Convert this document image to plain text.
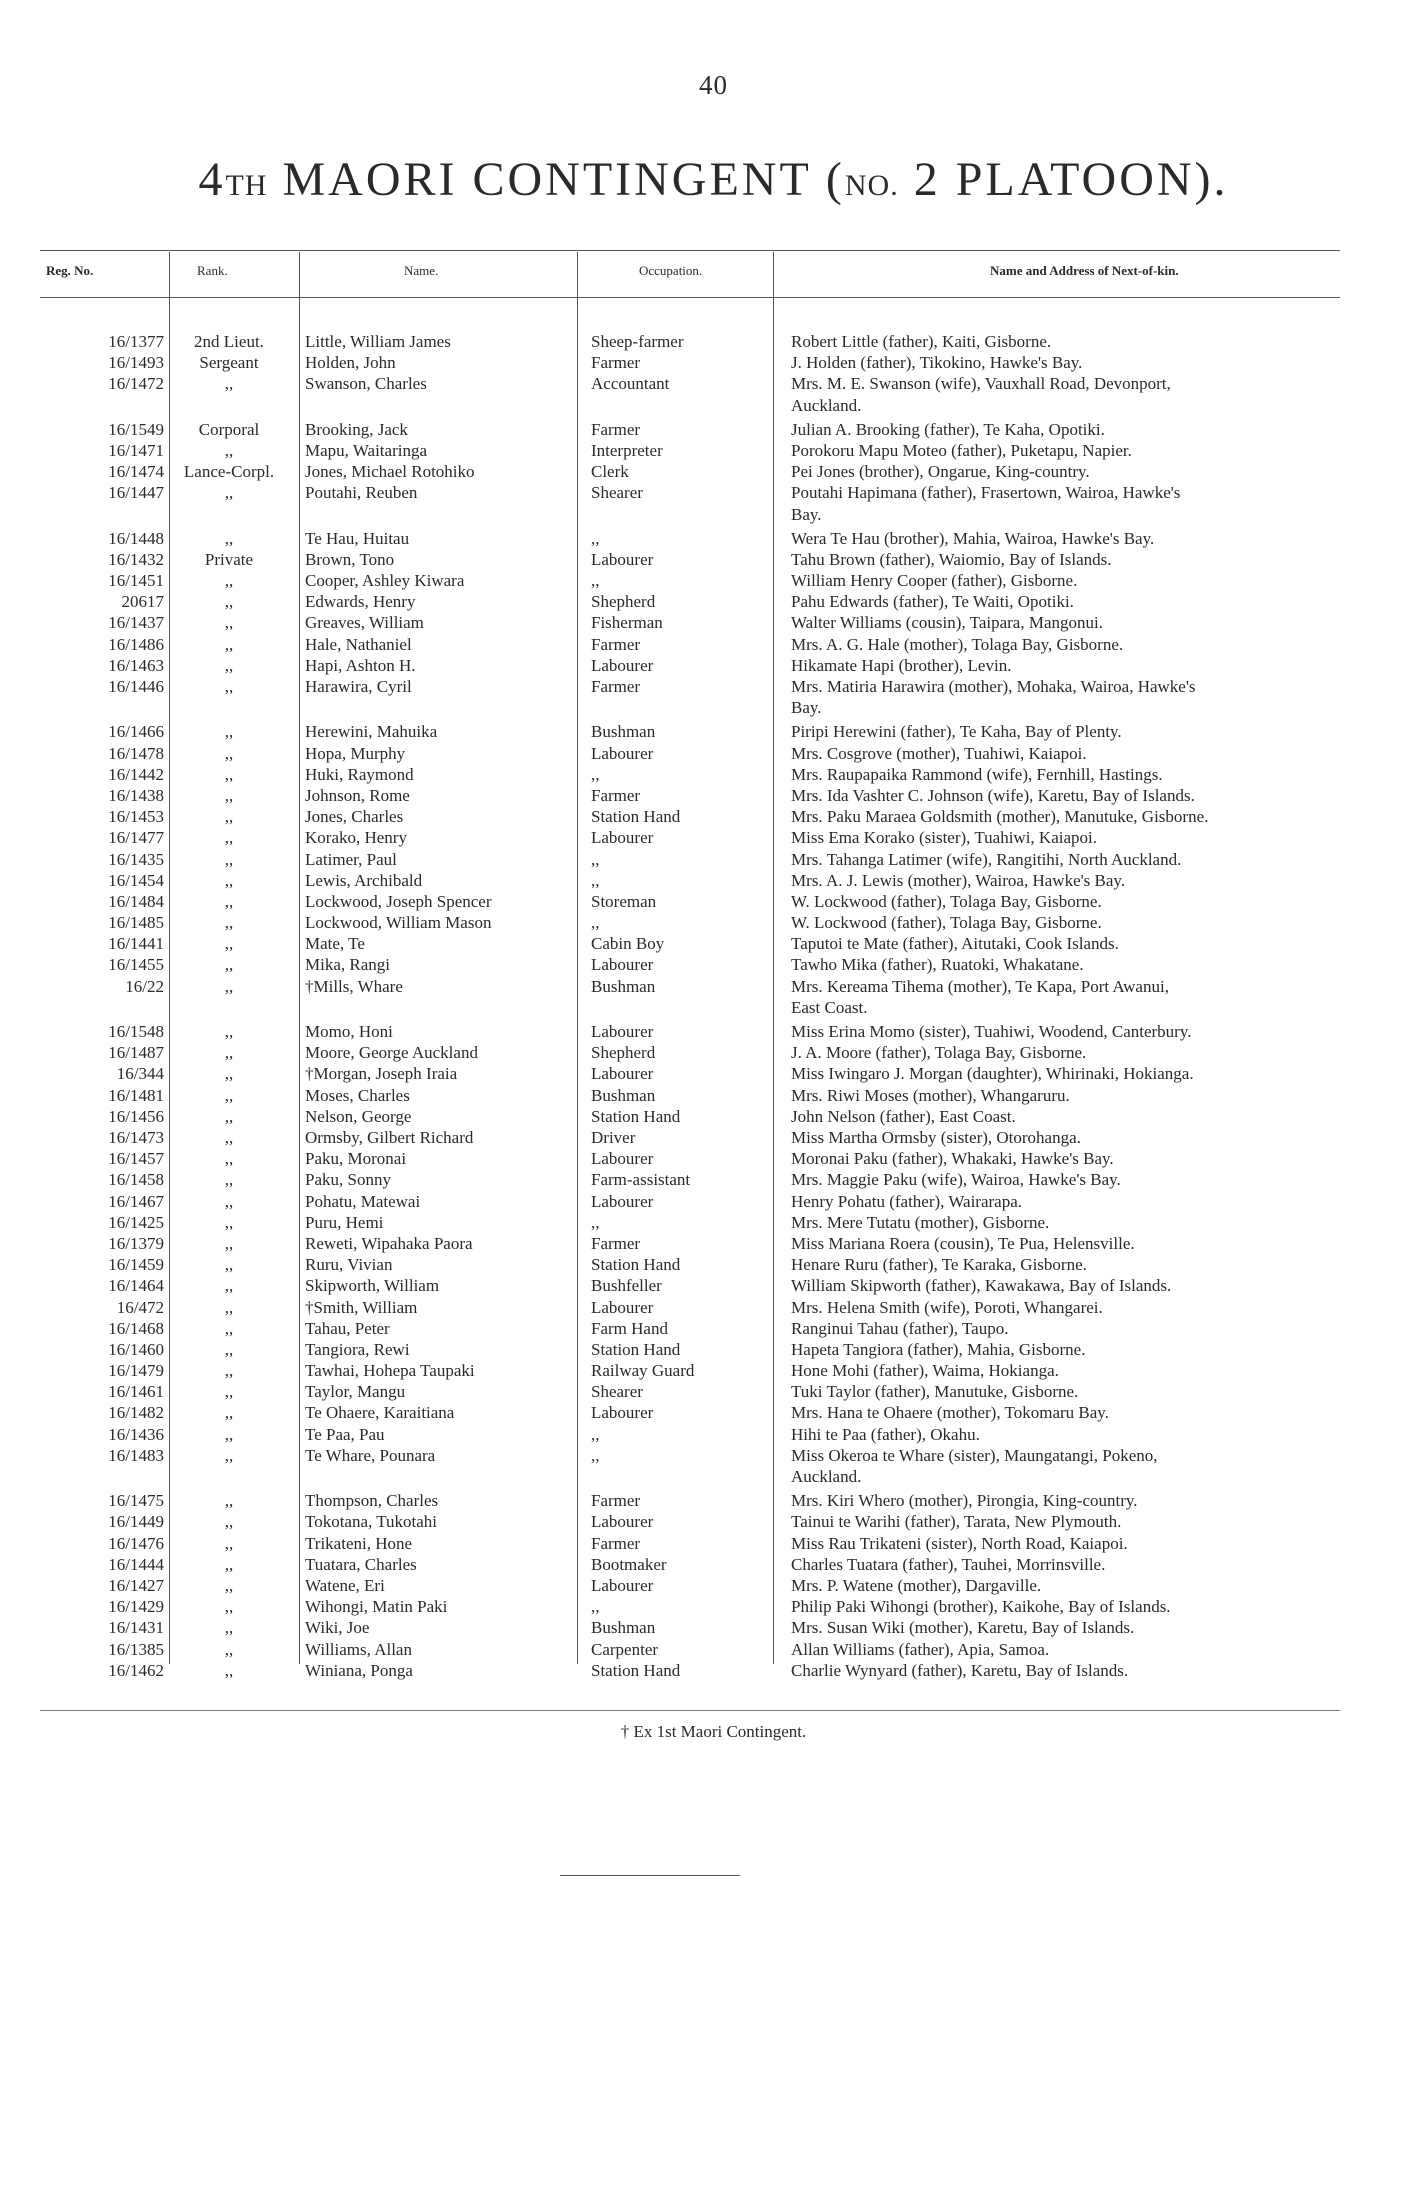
40
4TH MAORI CONTINGENT (NO. 2 PLATOON).
Reg. No.	Rank.	Name.	Occupation.	Name and Address of Next-of-kin.
16/1377	2nd Lieut.	Little, William James	Sheep-farmer	Robert Little (father), Kaiti, Gisborne.
16/1493	Sergeant	Holden, John	Farmer	J. Holden (father), Tikokino, Hawke's Bay.
16/1472	,,	Swanson, Charles	Accountant	Mrs. M. E. Swanson (wife), Vauxhall Road, Devonport,
Auckland.
16/1549	Corporal	Brooking, Jack	Farmer	Julian A. Brooking (father), Te Kaha, Opotiki.
16/1471	,,	Mapu, Waitaringa	Interpreter	Porokoru Mapu Moteo (father), Puketapu, Napier.
16/1474	Lance-Corpl.	Jones, Michael Rotohiko	Clerk	Pei Jones (brother), Ongarue, King-country.
16/1447	,,	Poutahi, Reuben	Shearer	Poutahi Hapimana (father), Frasertown, Wairoa, Hawke's
Bay.
16/1448	,,	Te Hau, Huitau	,,	Wera Te Hau (brother), Mahia, Wairoa, Hawke's Bay.
16/1432	Private	Brown, Tono	Labourer	Tahu Brown (father), Waiomio, Bay of Islands.
16/1451	,,	Cooper, Ashley Kiwara	,,	William Henry Cooper (father), Gisborne.
20617	,,	Edwards, Henry	Shepherd	Pahu Edwards (father), Te Waiti, Opotiki.
16/1437	,,	Greaves, William	Fisherman	Walter Williams (cousin), Taipara, Mangonui.
16/1486	,,	Hale, Nathaniel	Farmer	Mrs. A. G. Hale (mother), Tolaga Bay, Gisborne.
16/1463	,,	Hapi, Ashton H.	Labourer	Hikamate Hapi (brother), Levin.
16/1446	,,	Harawira, Cyril	Farmer	Mrs. Matiria Harawira (mother), Mohaka, Wairoa, Hawke's
Bay.
16/1466	,,	Herewini, Mahuika	Bushman	Piripi Herewini (father), Te Kaha, Bay of Plenty.
16/1478	,,	Hopa, Murphy	Labourer	Mrs. Cosgrove (mother), Tuahiwi, Kaiapoi.
16/1442	,,	Huki, Raymond	,,	Mrs. Raupapaika Rammond (wife), Fernhill, Hastings.
16/1438	,,	Johnson, Rome	Farmer	Mrs. Ida Vashter C. Johnson (wife), Karetu, Bay of Islands.
16/1453	,,	Jones, Charles	Station Hand	Mrs. Paku Maraea Goldsmith (mother), Manutuke, Gisborne.
16/1477	,,	Korako, Henry	Labourer	Miss Ema Korako (sister), Tuahiwi, Kaiapoi.
16/1435	,,	Latimer, Paul	,,	Mrs. Tahanga Latimer (wife), Rangitihi, North Auckland.
16/1454	,,	Lewis, Archibald	,,	Mrs. A. J. Lewis (mother), Wairoa, Hawke's Bay.
16/1484	,,	Lockwood, Joseph Spencer	Storeman	W. Lockwood (father), Tolaga Bay, Gisborne.
16/1485	,,	Lockwood, William Mason	,,	W. Lockwood (father), Tolaga Bay, Gisborne.
16/1441	,,	Mate, Te	Cabin Boy	Taputoi te Mate (father), Aitutaki, Cook Islands.
16/1455	,,	Mika, Rangi	Labourer	Tawho Mika (father), Ruatoki, Whakatane.
16/22	,,	†Mills, Whare	Bushman	Mrs. Kereama Tihema (mother), Te Kapa, Port Awanui,
East Coast.
16/1548	,,	Momo, Honi	Labourer	Miss Erina Momo (sister), Tuahiwi, Woodend, Canterbury.
16/1487	,,	Moore, George Auckland	Shepherd	J. A. Moore (father), Tolaga Bay, Gisborne.
16/344	,,	†Morgan, Joseph Iraia	Labourer	Miss Iwingaro J. Morgan (daughter), Whirinaki, Hokianga.
16/1481	,,	Moses, Charles	Bushman	Mrs. Riwi Moses (mother), Whangaruru.
16/1456	,,	Nelson, George	Station Hand	John Nelson (father), East Coast.
16/1473	,,	Ormsby, Gilbert Richard	Driver	Miss Martha Ormsby (sister), Otorohanga.
16/1457	,,	Paku, Moronai	Labourer	Moronai Paku (father), Whakaki, Hawke's Bay.
16/1458	,,	Paku, Sonny	Farm-assistant	Mrs. Maggie Paku (wife), Wairoa, Hawke's Bay.
16/1467	,,	Pohatu, Matewai	Labourer	Henry Pohatu (father), Wairarapa.
16/1425	,,	Puru, Hemi	,,	Mrs. Mere Tutatu (mother), Gisborne.
16/1379	,,	Reweti, Wipahaka Paora	Farmer	Miss Mariana Roera (cousin), Te Pua, Helensville.
16/1459	,,	Ruru, Vivian	Station Hand	Henare Ruru (father), Te Karaka, Gisborne.
16/1464	,,	Skipworth, William	Bushfeller	William Skipworth (father), Kawakawa, Bay of Islands.
16/472	,,	†Smith, William	Labourer	Mrs. Helena Smith (wife), Poroti, Whangarei.
16/1468	,,	Tahau, Peter	Farm Hand	Ranginui Tahau (father), Taupo.
16/1460	,,	Tangiora, Rewi	Station Hand	Hapeta Tangiora (father), Mahia, Gisborne.
16/1479	,,	Tawhai, Hohepa Taupaki	Railway Guard	Hone Mohi (father), Waima, Hokianga.
16/1461	,,	Taylor, Mangu	Shearer	Tuki Taylor (father), Manutuke, Gisborne.
16/1482	,,	Te Ohaere, Karaitiana	Labourer	Mrs. Hana te Ohaere (mother), Tokomaru Bay.
16/1436	,,	Te Paa, Pau	,,	Hihi te Paa (father), Okahu.
16/1483	,,	Te Whare, Pounara	,,	Miss Okeroa te Whare (sister), Maungatangi, Pokeno,
Auckland.
16/1475	,,	Thompson, Charles	Farmer	Mrs. Kiri Whero (mother), Pirongia, King-country.
16/1449	,,	Tokotana, Tukotahi	Labourer	Tainui te Warihi (father), Tarata, New Plymouth.
16/1476	,,	Trikateni, Hone	Farmer	Miss Rau Trikateni (sister), North Road, Kaiapoi.
16/1444	,,	Tuatara, Charles	Bootmaker	Charles Tuatara (father), Tauhei, Morrinsville.
16/1427	,,	Watene, Eri	Labourer	Mrs. P. Watene (mother), Dargaville.
16/1429	,,	Wihongi, Matin Paki	,,	Philip Paki Wihongi (brother), Kaikohe, Bay of Islands.
16/1431	,,	Wiki, Joe	Bushman	Mrs. Susan Wiki (mother), Karetu, Bay of Islands.
16/1385	,,	Williams, Allan	Carpenter	Allan Williams (father), Apia, Samoa.
16/1462	,,	Winiana, Ponga	Station Hand	Charlie Wynyard (father), Karetu, Bay of Islands.
† Ex 1st Maori Contingent.
